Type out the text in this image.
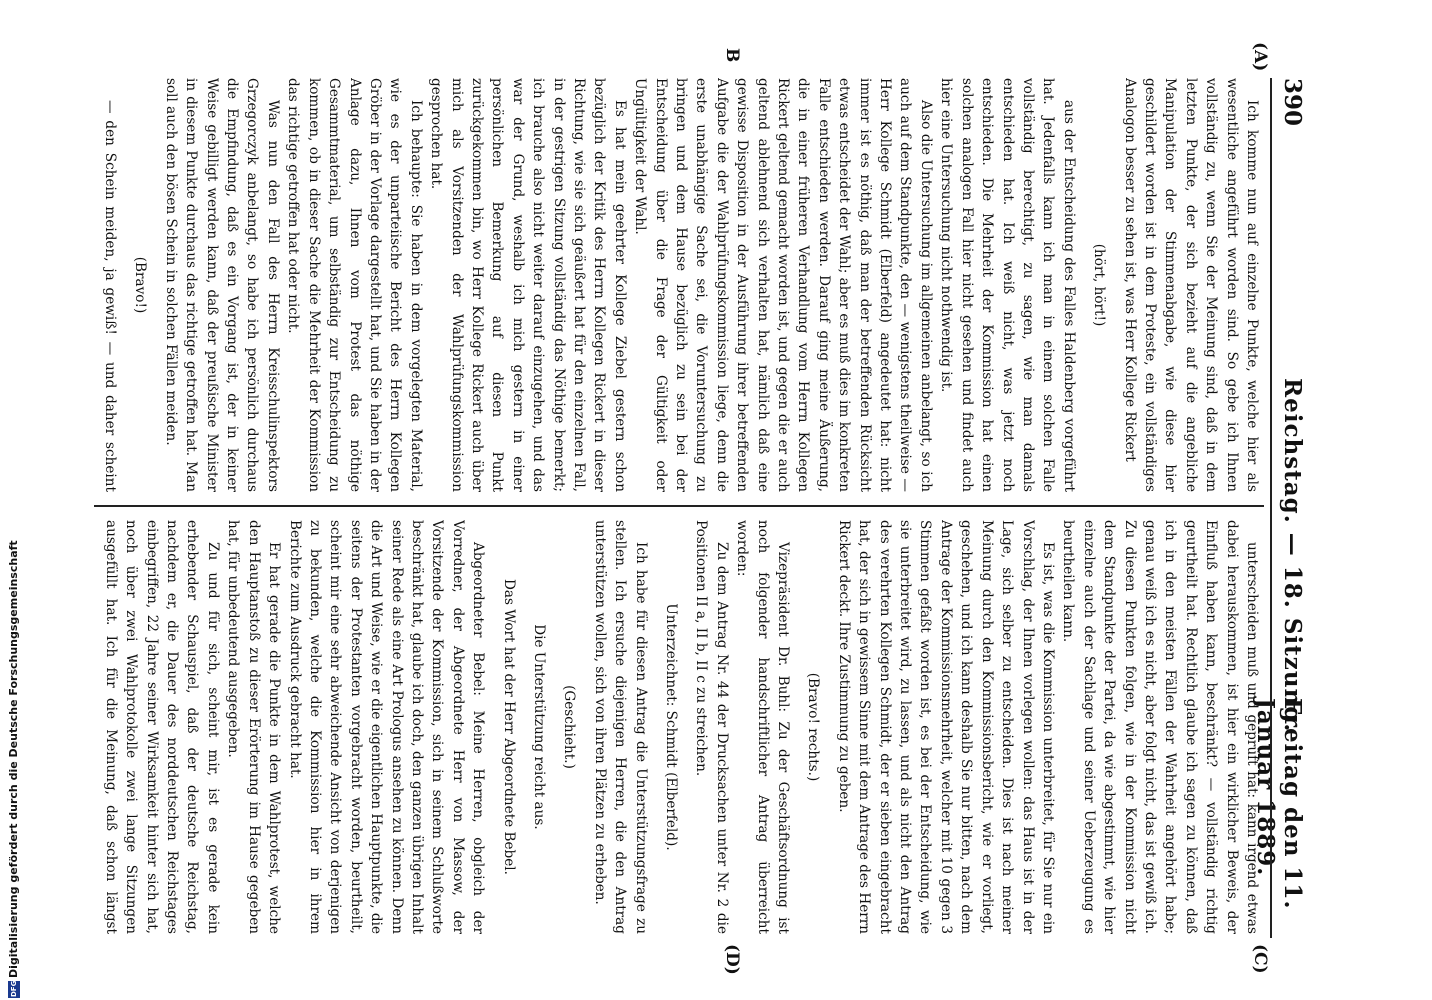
390
Reichstag. — 18. Sitzung.
Freitag den 11. Januar 1889.
(A)
B
(C)
(D)

Ich komme nun auf einzelne Punkte, welche hier als wesentliche angeführt worden sind. So gebe ich Ihnen vollständig zu, wenn Sie der Meinung sind, daß in dem letzten Punkte, der sich bezieht auf die angebliche Manipulation der Stimmenabgabe, wie diese hier geschildert worden ist in dem Proteste, ein vollständiges Analogon besser zu sehen ist, was Herr Kollege Rickert

(hört, hört!)

aus der Entscheidung des Falles Haldenberg vorgeführt hat. Jedenfalls kann ich man in einem solchen Falle vollständig berechtigt, zu sagen, wie man damals entschieden hat. Ich weiß nicht, was jetzt noch entschieden. Die Mehrheit der Kommission hat einen solchen analogen Fall hier nicht gesehen und findet auch hier eine Untersuchung nicht nothwendig ist.

Also die Untersuchung im allgemeinen anbelangt, so ich auch auf dem Standpunkte, den — wenigstens theilweise — Herr Kollege Schmidt (Elberfeld) angedeutet hat: nicht immer ist es nöthig, daß man der betreffenden Rücksicht etwas entscheidet der Wahl; aber es muß dies im konkreten Falle entschieden werden. Darauf ging meine Äußerung, die in einer früheren Verhandlung vom Herrn Kollegen Rickert geltend gemacht worden ist, und gegen die er auch geltend ablehnend sich verhalten hat, nämlich daß eine gewisse Disposition in der Ausführung ihrer betreffenden Aufgabe die der Wahlprüfungskommission liege, denn die erste unabhängige Sache sei, die Voruntersuchung zu bringen und dem Hause bezüglich zu sein bei der Entscheidung über die Frage der Gültigkeit oder Ungültigkeit der Wahl.

Es hat mein geehrter Kollege Ziebel gestern schon bezüglich der Kritik des Herrn Kollegen Rickert in dieser Richtung, wie sie sich geäußert hat für den einzelnen Fall, in der gestrigen Sitzung vollständig das Nöthige bemerkt; ich brauche also nicht weiter darauf einzugehen, und das war der Grund, weshalb ich mich gestern in einer persönlichen Bemerkung auf diesen Punkt zurückgekommen bin, wo Herr Kollege Rickert auch über mich als Vorsitzenden der Wahlprüfungskommission gesprochen hat.

Ich behaupte: Sie haben in dem vorgelegten Material, wie es der unparteiische Bericht des Herrn Kollegen Gröber in der Vorlage dargestellt hat, und Sie haben in der Anlage dazu, Ihnen vom Protest das nöthige Gesammtmaterial, um selbständig zur Entscheidung zu kommen, ob in dieser Sache die Mehrheit der Kommission das richtige getroffen hat oder nicht.

Was nun den Fall des Herrn Kreisschulinspektors Grzegorczyk anbelangt, so habe ich persönlich durchaus die Empfindung, daß es ein Vorgang ist, der in keiner Weise gebilligt werden kann, daß der preußische Minister in diesem Punkte durchaus das richtige getroffen hat. Man soll auch den bösen Schein in solchen Fällen meiden.

(Bravo!)

— den Schein meiden, ja gewiß! — und daher scheint

unterscheiden muß und geprüft hat: kann irgend etwas dabei herauskommen, ist hier ein wirklicher Beweis, der Einfluß haben kann, beschränkt? — vollständig richtig geurtheilt hat. Rechtlich glaube ich sagen zu können, daß ich in den meisten Fällen der Wahrheit angehört habe; genau weiß ich es nicht, aber folgt nicht, das ist gewiß ich. Zu diesen Punkten folgen, wie in der Kommission nicht dem Standpunkte der Partei, da wie abgestimmt, wie hier einzelne auch der Sachlage und seiner Ueberzeugung es beurtheilen kann.

Es ist, was die Kommission unterbreitet, für Sie nur ein Vorschlag, der Ihnen vorlegen wollen: das Haus ist in der Lage, sich selber zu entscheiden. Dies ist nach meiner Meinung durch den Kommissionsbericht, wie er vorliegt, geschehen, und ich kann deshalb Sie nur bitten, nach dem Antrage der Kommissionsmehrheit, welcher mit 10 gegen 3 Stimmen gefaßt worden ist, es bei der Entscheidung, wie sie unterbreitet wird, zu lassen, und als nicht den Antrag des verehrten Kollegen Schmidt, der er sieben eingebracht hat, der sich in gewissem Sinne mit dem Antrage des Herrn Rickert deckt. Ihre Zustimmung zu geben.

(Bravo! rechts.)

Vizepräsident Dr. Buhl: Zu der Geschäftsordnung ist noch folgender handschriftlicher Antrag überreicht worden:

Zu dem Antrag Nr. 44 der Drucksachen unter Nr. 2 die Positionen II a, II b, II c zu streichen.

Unterzeichnet: Schmidt (Elberfeld).

Ich habe für diesen Antrag die Unterstützungsfrage zu stellen. Ich ersuche diejenigen Herren, die den Antrag unterstützen wollen, sich von ihren Plätzen zu erheben.

(Geschieht.)

Die Unterstützung reicht aus.

Das Wort hat der Herr Abgeordnete Bebel.

Abgeordneter Bebel: Meine Herren, obgleich der Vorredner, der Abgeordnete Herr von Massow, der Vorsitzende der Kommission, sich in seinem Schlußworte beschränkt hat, glaube ich doch, den ganzen übrigen Inhalt seiner Rede als eine Art Prologus ansehen zu können. Denn die Art und Weise, wie er die eigentlichen Hauptpunkte, die seitens der Protestanten vorgebracht worden, beurtheilt, scheint mir eine sehr abweichende Ansicht von derjenigen zu bekunden, welche die Kommission hier in ihrem Berichte zum Ausdruck gebracht hat.

Er hat gerade die Punkte in dem Wahlprotest, welche den Hauptanstoß zu dieser Erörterung im Hause gegeben hat, für unbedeutend ausgegeben.

Zu und für sich, scheint mir, ist es gerade kein erhebender Schauspiel, daß der deutsche Reichstag, nachdem er, die Dauer des norddeutschen Reichstages einbegriffen, 22 Jahre seiner Wirksamkeit hinter sich hat, noch über zwei Wahlprotokolle zwei lange Sitzungen ausgefüllt hat. Ich für die Meinung, daß schon längst

DFG
Digitalisierung gefördert durch die Deutsche Forschungsgemeinschaft
